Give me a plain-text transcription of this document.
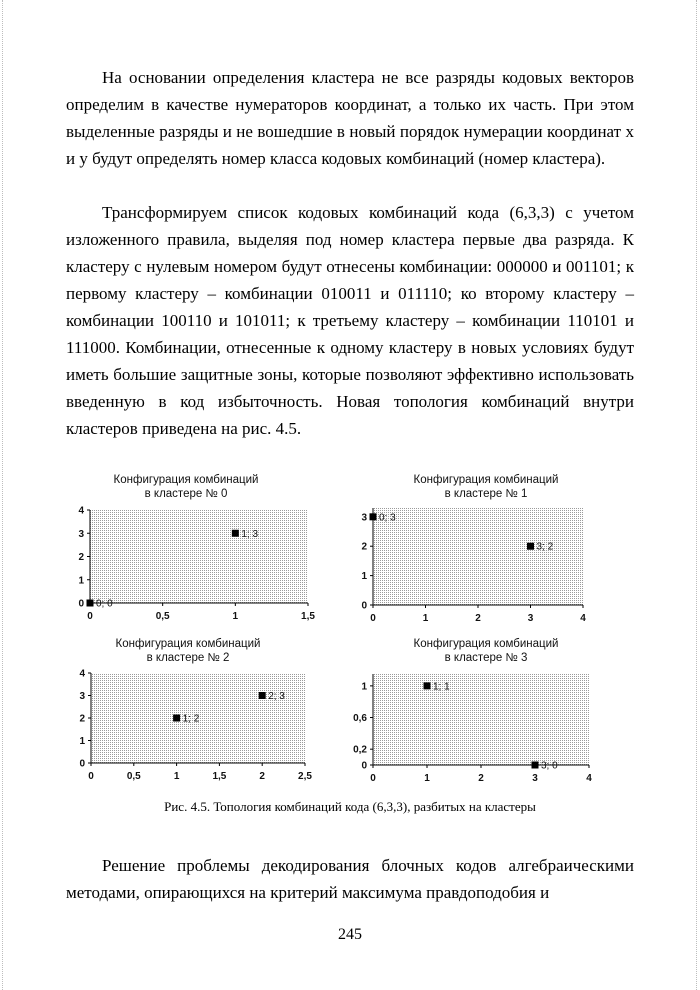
На основании определения кластера не все разряды кодовых векторов определим в качестве нумераторов координат, а только их часть. При этом выделенные разряды и не вошедшие в новый порядок нумерации координат x и y будут определять номер класса кодовых комбинаций (номер кластера).

Трансформируем список кодовых комбинаций кода (6,3,3) с учетом изложенного правила, выделяя под номер кластера первые два разряда. К кластеру с нулевым номером будут отнесены комбинации: 000000 и 001101; к первому кластеру – комбинации 010011 и 011110; ко второму кластеру – комбинации 100110 и 101011; к третьему кластеру – комбинации 110101 и 111000. Комбинации, отнесенные к одному кластеру в новых условиях будут иметь большие защитные зоны, которые позволяют эффективно использовать введенную в код избыточность. Новая топология комбинаций внутри кластеров приведена на рис. 4.5.

Конфигурация комбинаций
в кластере № 0
0
1
2
3
4
0	0,5	1	1,5
1; 3
0; 0
Конфигурация комбинаций
в кластере № 1
0
1
2
3
0	1	2	3	4
0; 3
3; 2
Конфигурация комбинаций
в кластере № 2
0
1
2
3
4
0	0,5	1	1,5	2	2,5
1; 2
2; 3
Конфигурация комбинаций
в кластере № 3
0
0,2
0,6
1
0	1	2	3	4
1; 1
3; 0
Рис. 4.5. Топология комбинаций кода (6,3,3), разбитых на кластеры

Решение проблемы декодирования блочных кодов алгебраическими методами, опирающихся на критерий максимума правдоподобия и

245
